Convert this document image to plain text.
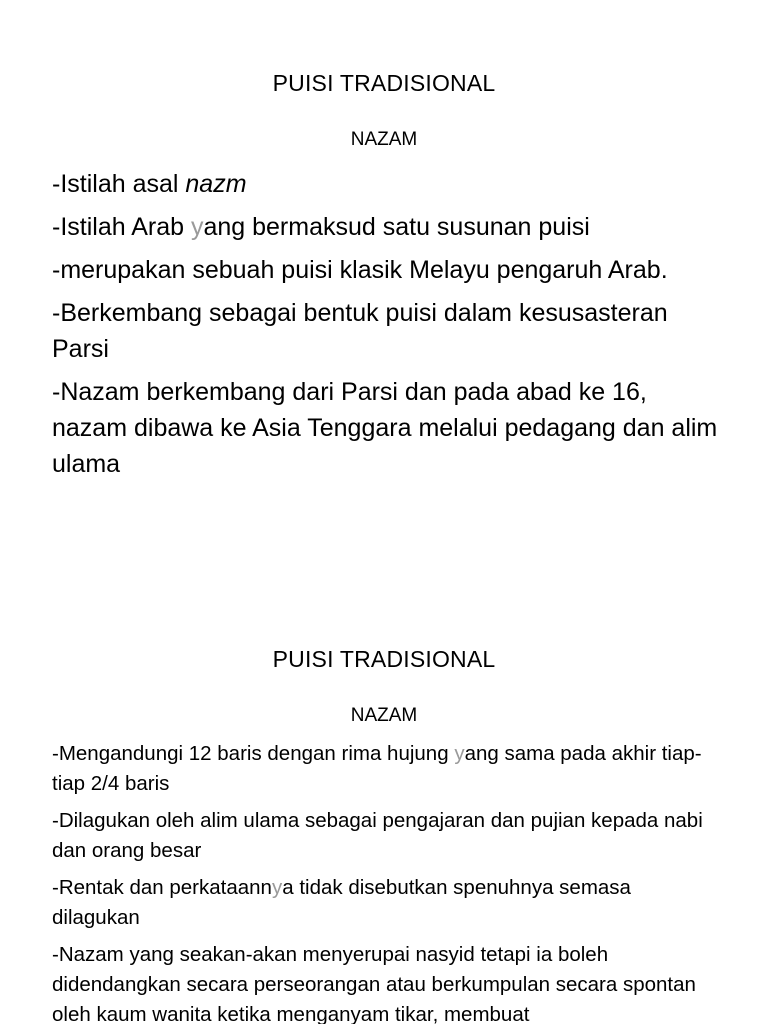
PUISI TRADISIONAL
NAZAM
-Istilah asal nazm
-Istilah Arab yang bermaksud satu susunan puisi
-merupakan sebuah puisi klasik Melayu pengaruh Arab.
-Berkembang sebagai bentuk puisi dalam kesusasteran Parsi
-Nazam berkembang dari Parsi dan pada abad ke 16, nazam dibawa ke Asia Tenggara melalui pedagang dan alim ulama
PUISI TRADISIONAL
NAZAM
-Mengandungi 12 baris dengan rima hujung yang sama pada akhir tiap-tiap 2/4 baris
-Dilagukan oleh alim ulama sebagai pengajaran dan pujian kepada nabi dan orang besar
-Rentak dan perkataannya tidak disebutkan spenuhnya semasa dilagukan
-Nazam yang seakan-akan menyerupai nasyid tetapi ia boleh didendangkan secara perseorangan atau berkumpulan secara spontan oleh kaum wanita ketika menganyam tikar, membuat
